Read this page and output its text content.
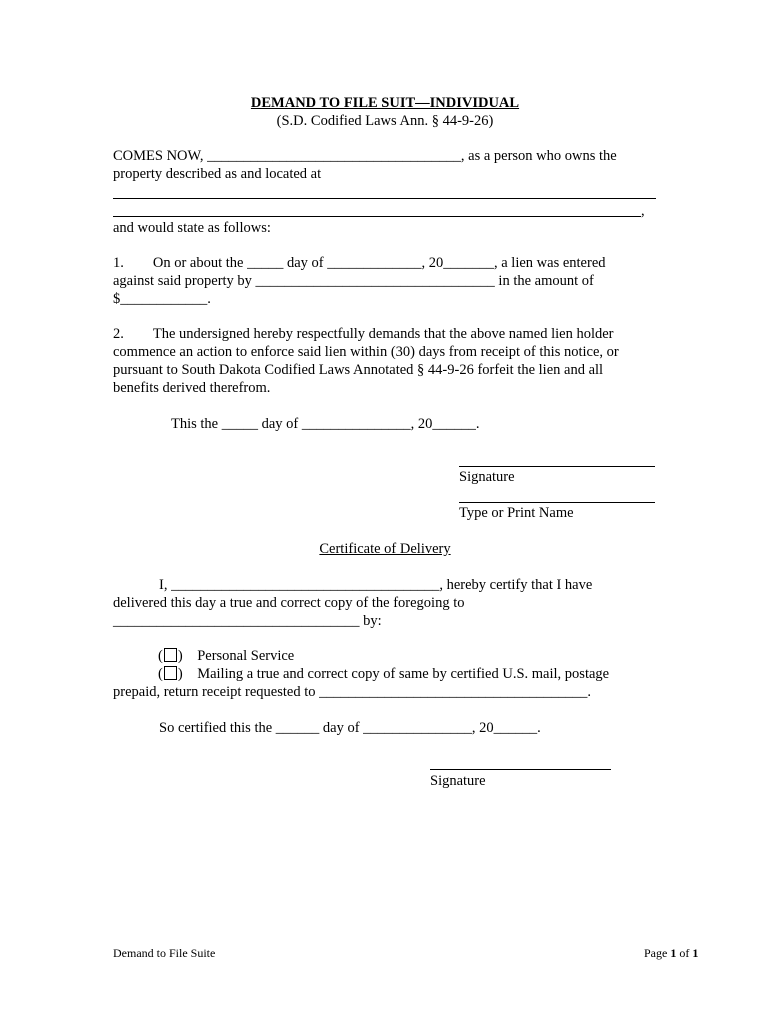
DEMAND TO FILE SUIT—INDIVIDUAL
(S.D. Codified Laws Ann. § 44-9-26)
COMES NOW, ___________________________________, as a person who owns the
property described as and located at
,
and would state as follows:
1.        On or about the _____ day of _____________, 20_______, a lien was entered
against said property by _________________________________ in the amount of
$____________.
2.        The undersigned hereby respectfully demands that the above named lien holder
commence an action to enforce said lien within (30) days from receipt of this notice, or
pursuant to South Dakota Codified Laws Annotated § 44-9-26 forfeit the lien and all
benefits derived therefrom.
This the _____ day of _______________, 20______.
Signature
Type or Print Name
Certificate of Delivery
I, _____________________________________, hereby certify that I have
delivered this day a true and correct copy of the foregoing to
__________________________________ by:
( )    Personal Service
( )    Mailing a true and correct copy of same by certified U.S. mail, postage
prepaid, return receipt requested to _____________________________________.
So certified this the ______ day of _______________, 20______.
Signature
Demand to File Suite	Page 1 of 1
